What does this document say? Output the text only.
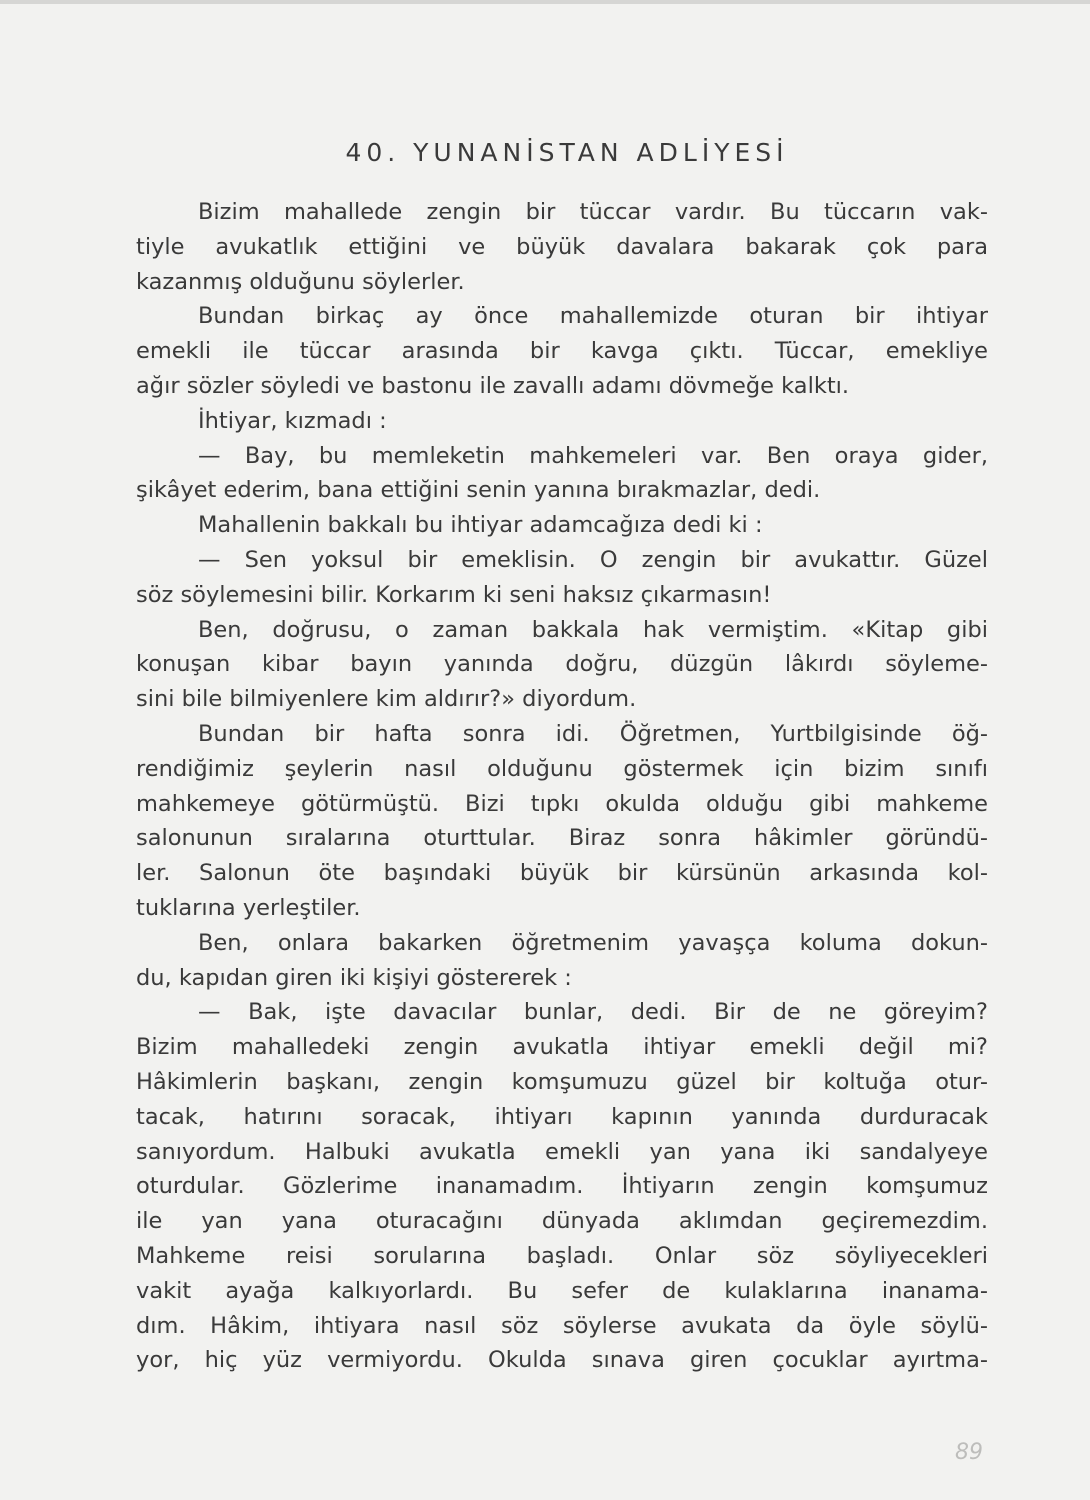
40. YUNANİSTAN ADLİYESİ
Bizim mahallede zengin bir tüccar vardır. Bu tüccarın vak-
tiyle avukatlık ettiğini ve büyük davalara bakarak çok para
kazanmış olduğunu söylerler.
Bundan birkaç ay önce mahallemizde oturan bir ihtiyar
emekli ile tüccar arasında bir kavga çıktı. Tüccar, emekliye
ağır sözler söyledi ve bastonu ile zavallı adamı dövmeğe kalktı.
İhtiyar, kızmadı :
— Bay, bu memleketin mahkemeleri var. Ben oraya gider,
şikâyet ederim, bana ettiğini senin yanına bırakmazlar, dedi.
Mahallenin bakkalı bu ihtiyar adamcağıza dedi ki :
— Sen yoksul bir emeklisin. O zengin bir avukattır. Güzel
söz söylemesini bilir. Korkarım ki seni haksız çıkarmasın!
Ben, doğrusu, o zaman bakkala hak vermiştim. «Kitap gibi
konuşan kibar bayın yanında doğru, düzgün lâkırdı söyleme-
sini bile bilmiyenlere kim aldırır?» diyordum.
Bundan bir hafta sonra idi. Öğretmen, Yurtbilgisinde öğ-
rendiğimiz şeylerin nasıl olduğunu göstermek için bizim sınıfı
mahkemeye götürmüştü. Bizi tıpkı okulda olduğu gibi mahkeme
salonunun sıralarına oturttular. Biraz sonra hâkimler göründü-
ler. Salonun öte başındaki büyük bir kürsünün arkasında kol-
tuklarına yerleştiler.
Ben, onlara bakarken öğretmenim yavaşça koluma dokun-
du, kapıdan giren iki kişiyi göstererek :
— Bak, işte davacılar bunlar, dedi. Bir de ne göreyim?
Bizim mahalledeki zengin avukatla ihtiyar emekli değil mi?
Hâkimlerin başkanı, zengin komşumuzu güzel bir koltuğa otur-
tacak, hatırını soracak, ihtiyarı kapının yanında durduracak
sanıyordum. Halbuki avukatla emekli yan yana iki sandalyeye
oturdular. Gözlerime inanamadım. İhtiyarın zengin komşumuz
ile yan yana oturacağını dünyada aklımdan geçiremezdim.
Mahkeme reisi sorularına başladı. Onlar söz söyliyecekleri
vakit ayağa kalkıyorlardı. Bu sefer de kulaklarına inanama-
dım. Hâkim, ihtiyara nasıl söz söylerse avukata da öyle söylü-
yor, hiç yüz vermiyordu. Okulda sınava giren çocuklar ayırtma-
89
